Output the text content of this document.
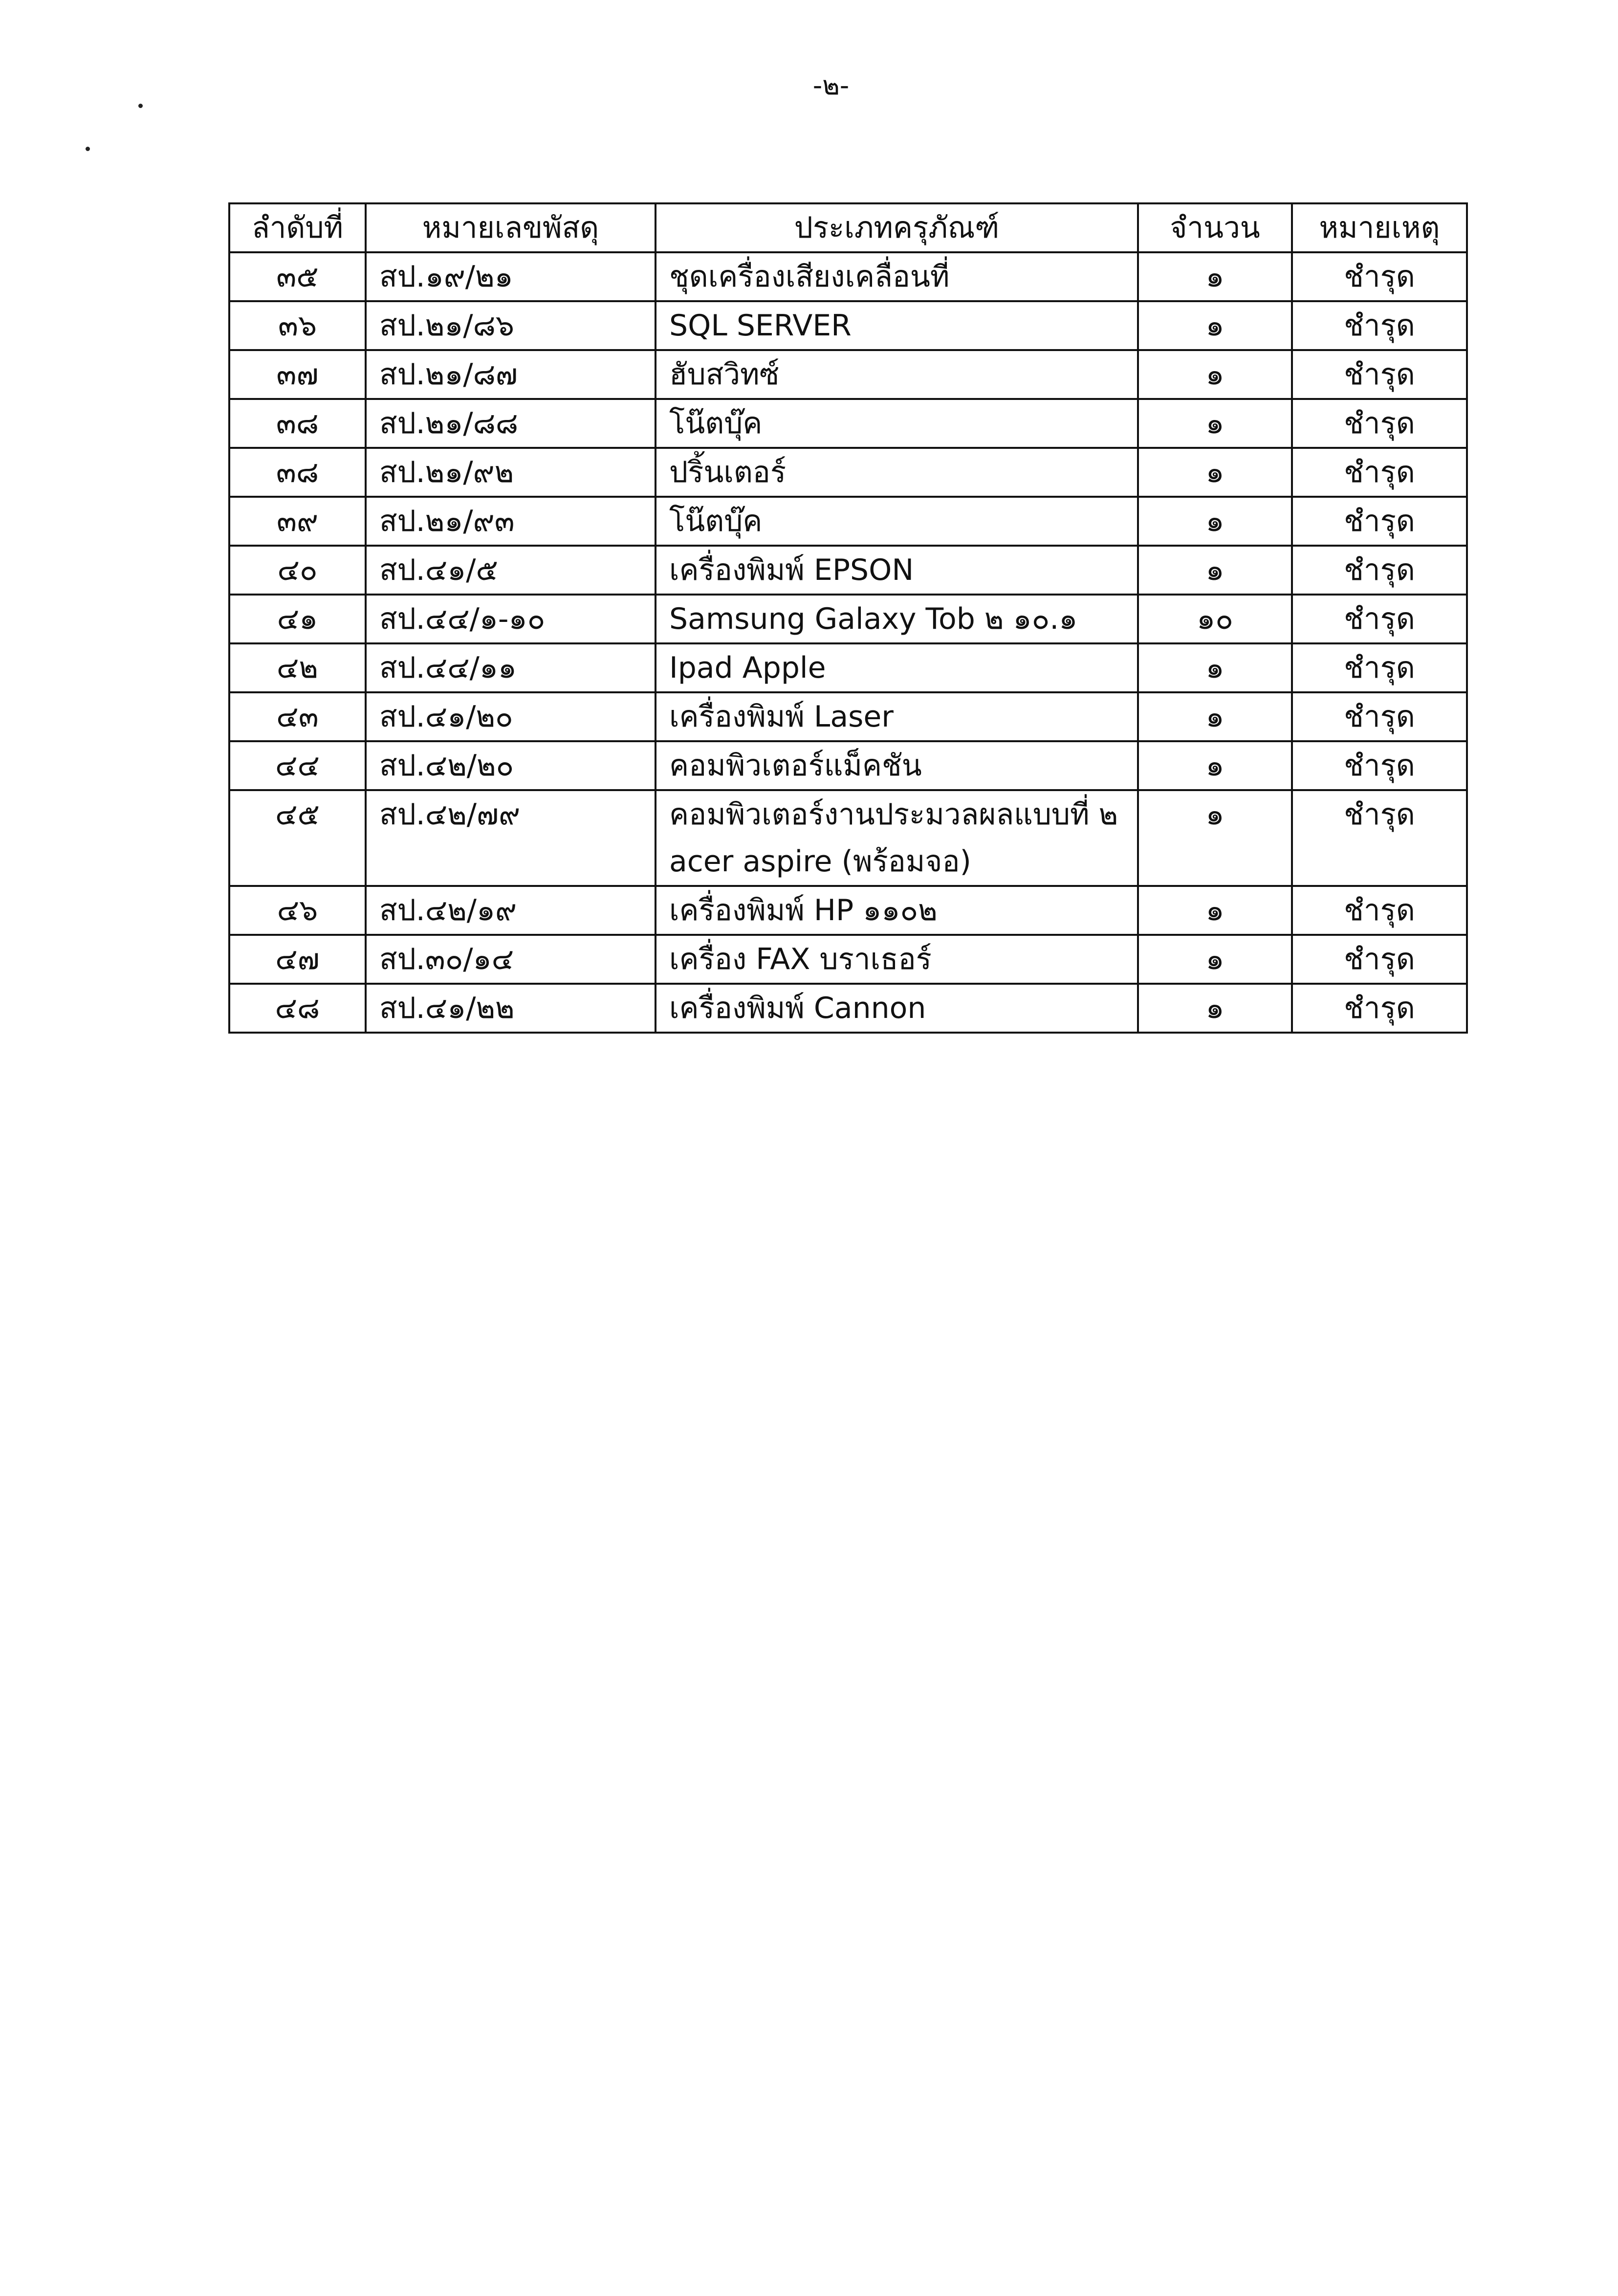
-๒-
ลำดับที่	หมายเลขพัสดุ	ประเภทครุภัณฑ์	จำนวน	หมายเหตุ
๓๕	สป.๑๙/๒๑	ชุดเครื่องเสียงเคลื่อนที่	๑	ชำรุด
๓๖	สป.๒๑/๘๖	SQL SERVER	๑	ชำรุด
๓๗	สป.๒๑/๘๗	ฮับสวิทซ์	๑	ชำรุด
๓๘	สป.๒๑/๘๘	โน๊ตบุ๊ค	๑	ชำรุด
๓๘	สป.๒๑/๙๒	ปริ้นเตอร์	๑	ชำรุด
๓๙	สป.๒๑/๙๓	โน๊ตบุ๊ค	๑	ชำรุด
๔๐	สป.๔๑/๕	เครื่องพิมพ์ EPSON	๑	ชำรุด
๔๑	สป.๔๔/๑-๑๐	Samsung Galaxy Tob ๒ ๑๐.๑	๑๐	ชำรุด
๔๒	สป.๔๔/๑๑	Ipad Apple	๑	ชำรุด
๔๓	สป.๔๑/๒๐	เครื่องพิมพ์ Laser	๑	ชำรุด
๔๔	สป.๔๒/๒๐	คอมพิวเตอร์แม็คชัน	๑	ชำรุด
๔๕	สป.๔๒/๗๙	คอมพิวเตอร์งานประมวลผลแบบที่ ๒
acer aspire (พร้อมจอ)	๑	ชำรุด
๔๖	สป.๔๒/๑๙	เครื่องพิมพ์ HP ๑๑๐๒	๑	ชำรุด
๔๗	สป.๓๐/๑๔	เครื่อง FAX บราเธอร์	๑	ชำรุด
๔๘	สป.๔๑/๒๒	เครื่องพิมพ์ Cannon	๑	ชำรุด
